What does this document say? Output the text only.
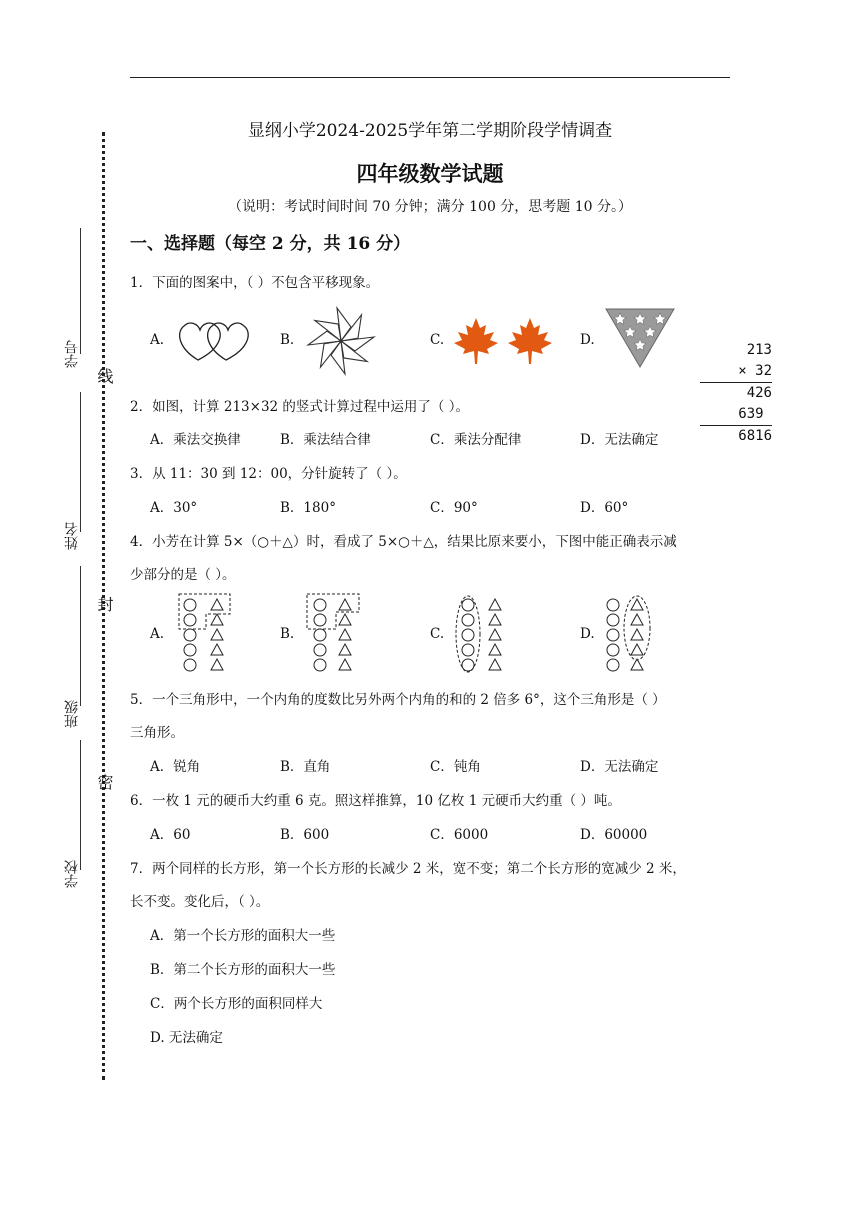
显纲小学2024-2025学年第二学期阶段学情调查
四年级数学试题
（说明：考试时间时间 70 分钟；满分 100 分，思考题 10 分。）
学号
姓名
班级
学校
线
封
密
一、选择题（每空 2 分，共 16 分）
1．下面的图案中，（ ）不包含平移现象。
A.	B.	C.	D.
213
× 32
426
639
6816
2．如图，计算 213×32 的竖式计算过程中运用了（ ）。
A．乘法交换律	B．乘法结合律	C．乘法分配律	D．无法确定
3．从 11：30 到 12：00，分针旋转了（ ）。
A．30°	B．180°	C．90°	D．60°
4．小芳在计算 5×（○＋△）时，看成了 5×○＋△，结果比原来要小，下图中能正确表示减
少部分的是（ ）。
A.	B.	C.	D.
5．一个三角形中，一个内角的度数比另外两个内角的和的 2 倍多 6°，这个三角形是（ ）
三角形。
A．锐角	B．直角	C．钝角	D．无法确定
6．一枚 1 元的硬币大约重 6 克。照这样推算，10 亿枚 1 元硬币大约重（ ）吨。
A．60	B．600	C．6000	D．60000
7．两个同样的长方形，第一个长方形的长减少 2 米，宽不变；第二个长方形的宽减少 2 米，
长不变。变化后，（ ）。
A．第一个长方形的面积大一些
B．第二个长方形的面积大一些
C．两个长方形的面积同样大
D. 无法确定
